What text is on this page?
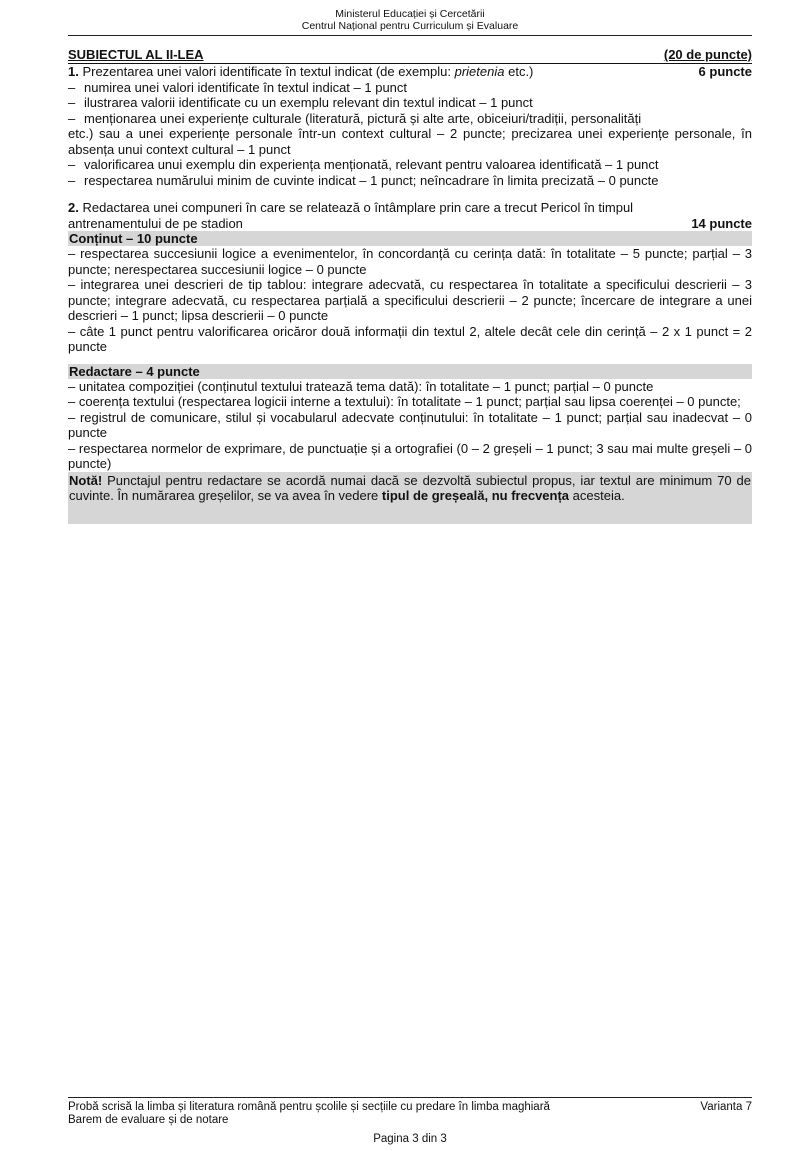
Ministerul Educației și Cercetării
Centrul Național pentru Curriculum și Evaluare
SUBIECTUL AL II-LEA	(20 de puncte)
1. Prezentarea unei valori identificate în textul indicat (de exemplu: prietenia etc.)	6 puncte
– numirea unei valori identificate în textul indicat – 1 punct
– ilustrarea valorii identificate cu un exemplu relevant din textul indicat – 1 punct
– menționarea unei experiențe culturale (literatură, pictură și alte arte, obiceiuri/tradiții, personalități

etc.) sau a unei experiențe personale într-un context cultural – 2 puncte; precizarea unei experiențe personale, în absența unui context cultural – 1 punct

– valorificarea unui exemplu din experiența menționată, relevant pentru valoarea identificată – 1 punct
– respectarea numărului minim de cuvinte indicat – 1 punct; neîncadrare în limita precizată – 0 puncte

2. Redactarea unei compuneri în care se relatează o întâmplare prin care a trecut Pericol în timpul

antrenamentului de pe stadion	14 puncte
Conținut – 10 puncte

– respectarea succesiunii logice a evenimentelor, în concordanță cu cerința dată: în totalitate – 5 puncte; parțial – 3 puncte; nerespectarea succesiunii logice – 0 puncte

– integrarea unei descrieri de tip tablou: integrare adecvată, cu respectarea în totalitate a specificului descrierii – 3 puncte; integrare adecvată, cu respectarea parțială a specificului descrierii – 2 puncte; încercare de integrare a unei descrieri – 1 punct; lipsa descrierii – 0 puncte

– câte 1 punct pentru valorificarea oricăror două informații din textul 2, altele decât cele din cerință – 2 x 1 punct = 2 puncte

Redactare – 4 puncte

– unitatea compoziției (conținutul textului tratează tema dată): în totalitate – 1 punct; parțial – 0 puncte

– coerența textului (respectarea logicii interne a textului): în totalitate – 1 punct; parțial sau lipsa coerenței – 0 puncte;

– registrul de comunicare, stilul și vocabularul adecvate conținutului: în totalitate – 1 punct; parțial sau inadecvat – 0 puncte

– respectarea normelor de exprimare, de punctuație și a ortografiei (0 – 2 greșeli – 1 punct; 3 sau mai multe greșeli – 0 puncte)

Notă! Punctajul pentru redactare se acordă numai dacă se dezvoltă subiectul propus, iar textul are minimum 70 de cuvinte. În numărarea greșelilor, se va avea în vedere tipul de greșeală, nu frecvența acesteia.
Probă scrisă la limba și literatura română pentru școlile și secțiile cu predare în limba maghiară	Varianta 7
Barem de evaluare și de notare
Pagina 3 din 3
